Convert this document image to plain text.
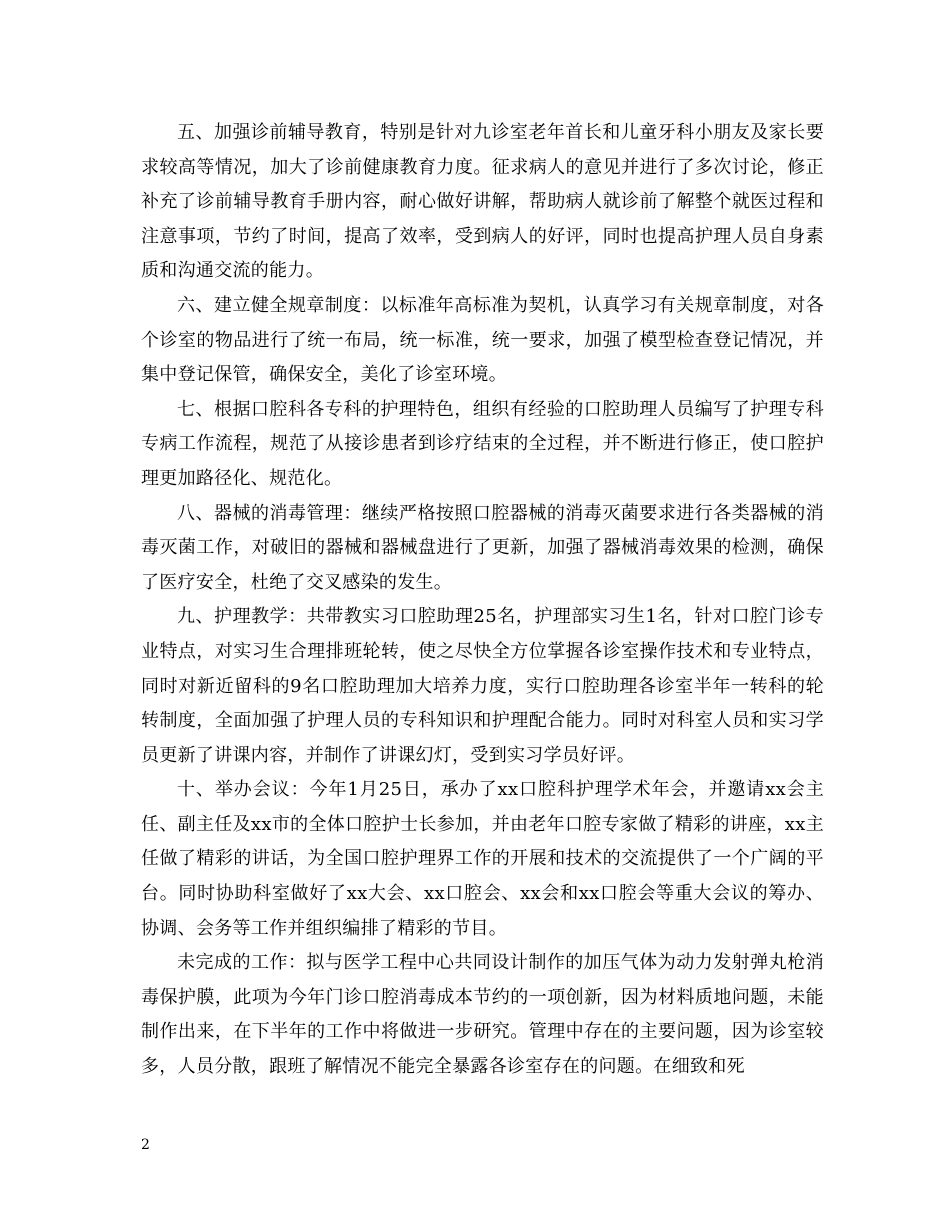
五、加强诊前辅导教育，特别是针对九诊室老年首长和儿童牙科小朋友及家长要求较高等情况，加大了诊前健康教育力度。征求病人的意见并进行了多次讨论，修正补充了诊前辅导教育手册内容，耐心做好讲解，帮助病人就诊前了解整个就医过程和注意事项，节约了时间，提高了效率，受到病人的好评，同时也提高护理人员自身素质和沟通交流的能力。

六、建立健全规章制度：以标准年高标准为契机，认真学习有关规章制度，对各个诊室的物品进行了统一布局，统一标准，统一要求，加强了模型检查登记情况，并集中登记保管，确保安全，美化了诊室环境。

七、根据口腔科各专科的护理特色，组织有经验的口腔助理人员编写了护理专科专病工作流程，规范了从接诊患者到诊疗结束的全过程，并不断进行修正，使口腔护理更加路径化、规范化。

八、器械的消毒管理：继续严格按照口腔器械的消毒灭菌要求进行各类器械的消毒灭菌工作，对破旧的器械和器械盘进行了更新，加强了器械消毒效果的检测，确保了医疗安全，杜绝了交叉感染的发生。

九、护理教学：共带教实习口腔助理25名，护理部实习生1名，针对口腔门诊专业特点，对实习生合理排班轮转，使之尽快全方位掌握各诊室操作技术和专业特点，同时对新近留科的9名口腔助理加大培养力度，实行口腔助理各诊室半年一转科的轮转制度，全面加强了护理人员的专科知识和护理配合能力。同时对科室人员和实习学员更新了讲课内容，并制作了讲课幻灯，受到实习学员好评。

十、举办会议：今年1月25日，承办了xx口腔科护理学术年会，并邀请xx会主任、副主任及xx市的全体口腔护士长参加，并由老年口腔专家做了精彩的讲座，xx主任做了精彩的讲话，为全国口腔护理界工作的开展和技术的交流提供了一个广阔的平台。同时协助科室做好了xx大会、xx口腔会、xx会和xx口腔会等重大会议的筹办、协调、会务等工作并组织编排了精彩的节目。

未完成的工作：拟与医学工程中心共同设计制作的加压气体为动力发射弹丸枪消毒保护膜，此项为今年门诊口腔消毒成本节约的一项创新，因为材料质地问题，未能制作出来，在下半年的工作中将做进一步研究。管理中存在的主要问题，因为诊室较多，人员分散，跟班了解情况不能完全暴露各诊室存在的问题。在细致和死

2
